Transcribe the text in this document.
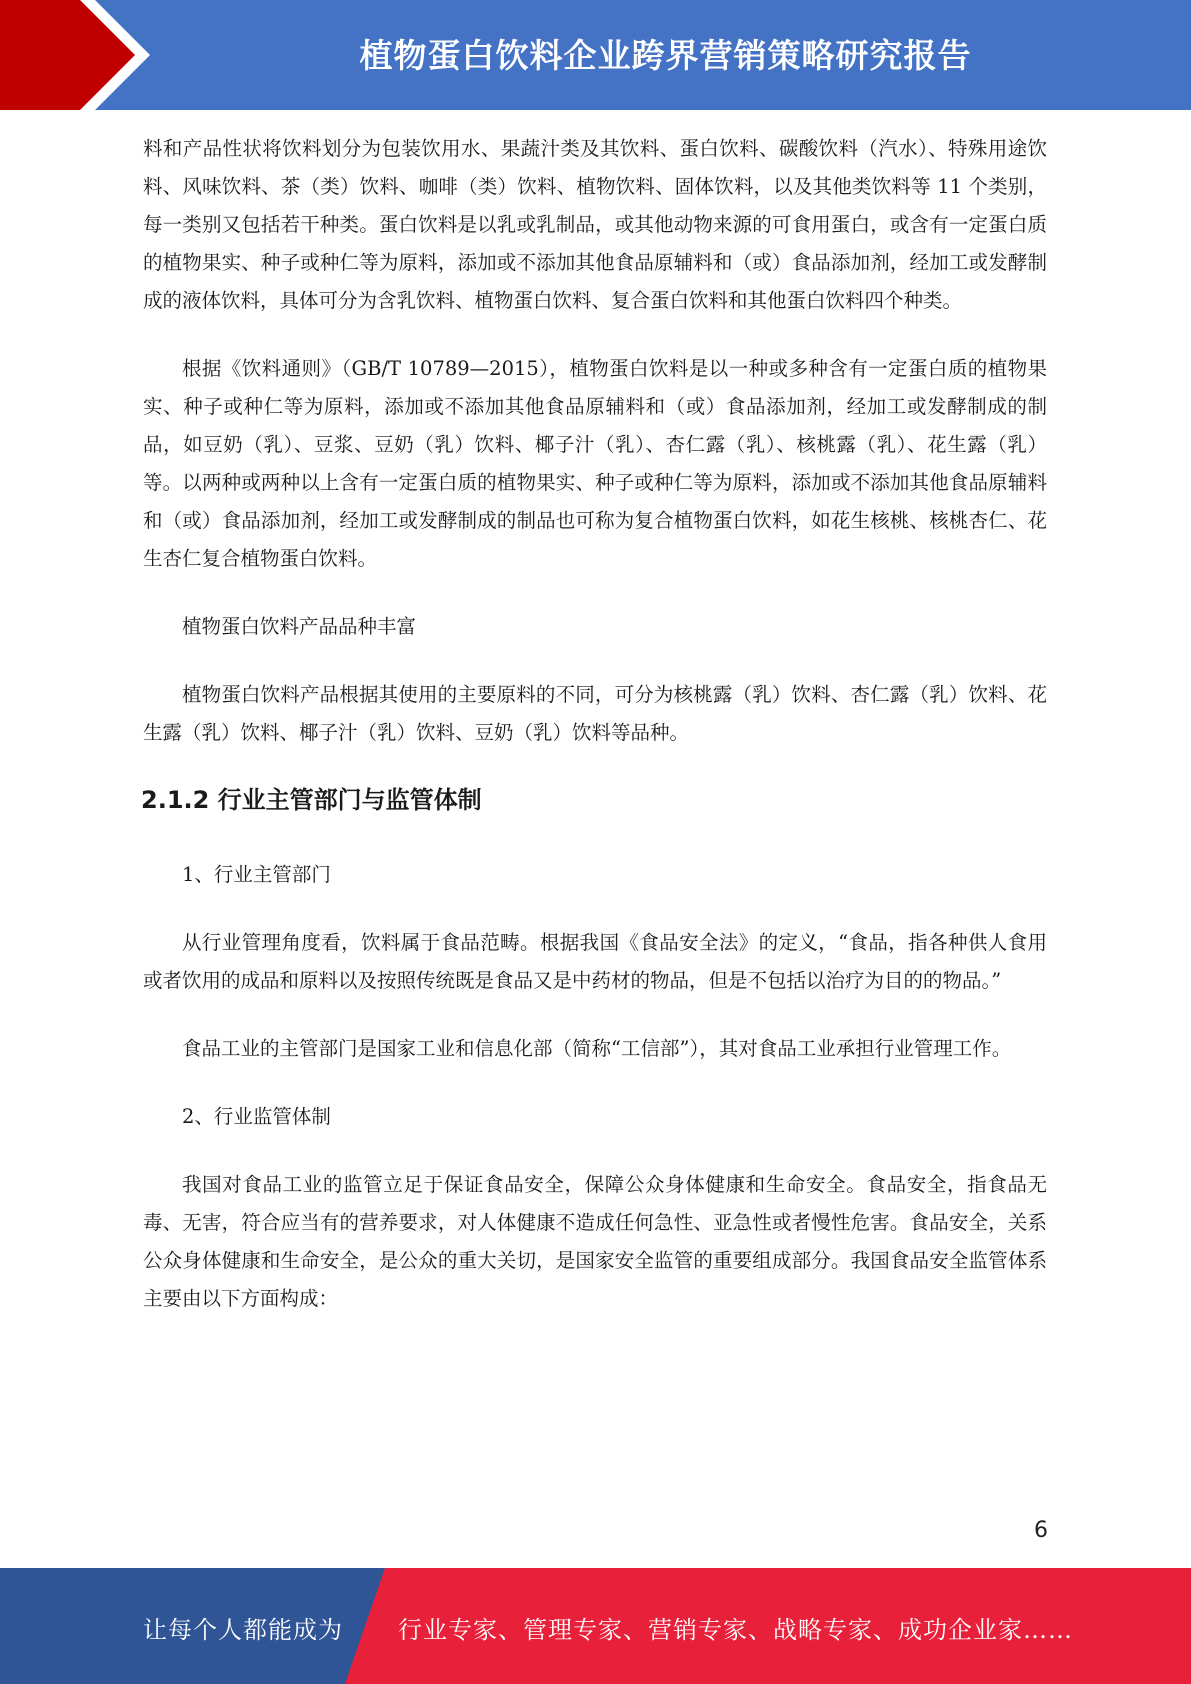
植物蛋白饮料企业跨界营销策略研究报告

料和产品性状将饮料划分为包装饮用水、果蔬汁类及其饮料、蛋白饮料、碳酸饮料（汽水）、特殊用途饮料、风味饮料、茶（类）饮料、咖啡（类）饮料、植物饮料、固体饮料，以及其他类饮料等 11 个类别，每一类别又包括若干种类。蛋白饮料是以乳或乳制品，或其他动物来源的可食用蛋白，或含有一定蛋白质的植物果实、种子或种仁等为原料，添加或不添加其他食品原辅料和（或）食品添加剂，经加工或发酵制成的液体饮料，具体可分为含乳饮料、植物蛋白饮料、复合蛋白饮料和其他蛋白饮料四个种类。

根据《饮料通则》（GB/T 10789—2015），植物蛋白饮料是以一种或多种含有一定蛋白质的植物果实、种子或种仁等为原料，添加或不添加其他食品原辅料和（或）食品添加剂，经加工或发酵制成的制品，如豆奶（乳）、豆浆、豆奶（乳）饮料、椰子汁（乳）、杏仁露（乳）、核桃露（乳）、花生露（乳）等。以两种或两种以上含有一定蛋白质的植物果实、种子或种仁等为原料，添加或不添加其他食品原辅料和（或）食品添加剂，经加工或发酵制成的制品也可称为复合植物蛋白饮料，如花生核桃、核桃杏仁、花生杏仁复合植物蛋白饮料。

植物蛋白饮料产品品种丰富

植物蛋白饮料产品根据其使用的主要原料的不同，可分为核桃露（乳）饮料、杏仁露（乳）饮料、花生露（乳）饮料、椰子汁（乳）饮料、豆奶（乳）饮料等品种。

2.1.2 行业主管部门与监管体制

1、行业主管部门

从行业管理角度看，饮料属于食品范畴。根据我国《食品安全法》的定义，“食品，指各种供人食用或者饮用的成品和原料以及按照传统既是食品又是中药材的物品，但是不包括以治疗为目的的物品。”

食品工业的主管部门是国家工业和信息化部（简称“工信部”），其对食品工业承担行业管理工作。

2、行业监管体制

我国对食品工业的监管立足于保证食品安全，保障公众身体健康和生命安全。食品安全，指食品无毒、无害，符合应当有的营养要求，对人体健康不造成任何急性、亚急性或者慢性危害。食品安全，关系公众身体健康和生命安全，是公众的重大关切，是国家安全监管的重要组成部分。我国食品安全监管体系主要由以下方面构成：

6
让每个人都能成为 行业专家、管理专家、营销专家、战略专家、成功企业家……
